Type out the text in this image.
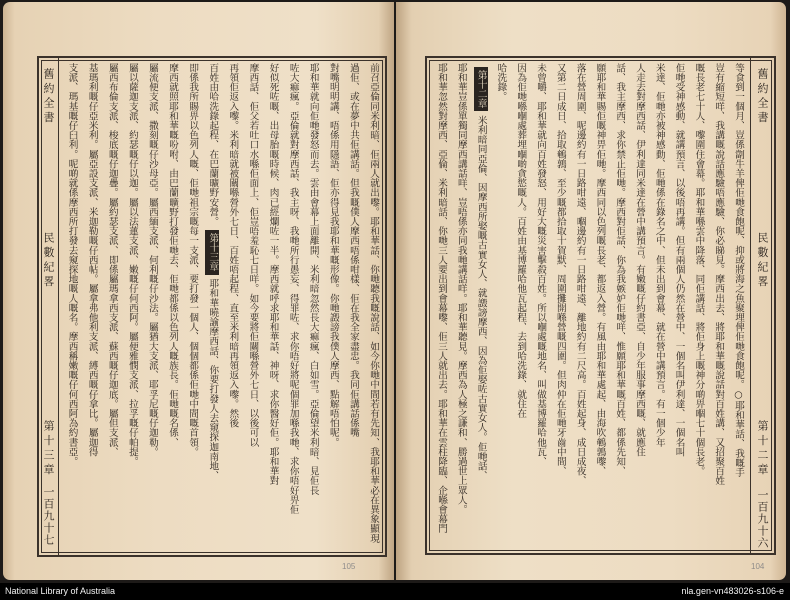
舊約全書
民數紀畧
第十三章
一百九十七	前召亞倫同米利暗、佢兩人就出嚟。耶和華話、你哋聽我嘅說話、如今你哋中間若有先知、我耶和華必在異象顯現
過佢、或在夢中共佢講話。但我嘅僕人摩西唔係咁樣、佢在我全家盡忠。我同佢講話係嘴
對嘴明明講、唔係用隱語、佢亦得見我耶和華嘅形像。你哋譭謗我僕人摩西、點解唔怕呢。
耶和華就向佢哋發怒而去。雲由會幕上面離開、米利暗忽然長大痲瘋、白如雪。亞倫望米利暗、見佢長
咗大痲瘋。亞倫就對摩西話、我主呀、我哋所行愚妄、得罪咗、求你唔好將呢個罪加喺我哋、求你唔好畀佢
好似死咗嘅、出母胎嘅時候、肉已經爛咗一半。摩西就呼求耶和華話、神呀、求你醫好佢。耶和華對
摩西話、佢父若吐口水喺佢面上、佢豈唔羞恥七日咩。如今要將佢關喺營外七日、以後可以
再領佢返入嚟。米利暗就被關喺營外七日、百姓唔起程、直至米利暗再領返入嚟。然後
百姓由哈洗錄起程、在巴蘭曠野安營。第十三章耶和華曉諭摩西話、你要打發人去窺探迦南地、
即係我所賜畀以色列人嘅、佢哋祖宗嘅每一支派、要打發一個人、個個都係佢哋中間嘅首領。
摩西就照耶和華嘅吩咐、由巴蘭曠野打發佢哋去、佢哋都係以色列人嘅族長。佢哋嘅名係、
屬流便支派、撒刻嘅仔沙母亞。屬西緬支派、何利嘅仔沙法。屬猶大支派、耶孚尼嘅仔迦勒。
屬以薩迦支派、約瑟嘅仔以迦。屬以法蓮支派、嫩嘅仔何西阿。屬便雅憫支派、拉孚嘅仔帕提。
屬西布倫支派、梭底嘅仔迦疊。屬約瑟支派、即係屬瑪拿西支派、蘇西嘅仔迦底。屬但支派、
基瑪利嘅仔亞米利。屬亞設支派、米迦勒嘅仔西帖。屬拿弗他利支派、縛西嘅仔拿比。屬迦得
支派、瑪基嘅仔臼利。呢啲就係摩西所打發去窺探地嘅人嘅名。摩西稱嫩嘅仔何西阿為約書亞。
105
舊約全書
民數紀畧
第十二章
一百九十六
等食到一個月、豈係劏牛羊俾佢哋食飽呢、抑或將海之魚聚埋俾佢哋食飽呢。○耶和華話、我嘅手
豈有縮短咩、我講嘅說話應驗唔應驗、你必睇見。摩西出去、將耶和華嘅說話對百姓講、又招聚百姓
嘅長老七十人、嚟圍住會幕。耶和華喺雲中降落、同佢講話、將佢身上嘅神分啲畀嗰七十個長老。
佢哋受神感動、就講預言、以後唔再講。但有兩個人仍然在營中、一個名叫伊利達、一個名叫
米達、佢哋亦被神感動、佢哋係在錄名之中、但未出到會幕、就在營中講預言。有一個少年
人走去對摩西話、伊利達同米達在營中講預言。有嫩嘅仔約書亞、自少年服事摩西嘅、就應住
話、我主摩西、求你禁止佢哋。摩西對佢話、你為我嫉妒佢哋咩、惟願耶和華嘅百姓、都係先知、
願耶和華賜佢嘅神畀佢哋。摩西同以色列嘅長老、都返入營。有風由耶和華處起、由海吹鵪鶉嚟、
落在營周圍、呢邊約有一日路咁遠、嗰邊約有一日路咁遠、離地約有二尺高。百姓起身、成日成夜、
又第二日成日、拾取鵪鶉、至少嘅都拾取十賀默、周圍攤開喺營嘅四圍。但肉仲在佢哋牙齒中間、
未曾嚼、耶和華就向百姓發怒、用好大嘅災害擊殺百姓。所以嗰處嘅地名、叫做基博羅哈他瓦、
因為佢哋喺嗰處葬埋嗰啲貪慾嘅人。百姓由基博羅哈他瓦起程、去到哈洗錄、就住在
哈洗錄。
第十二章米利暗同亞倫、因摩西所娶嘅古實女人、就譭謗摩西、因為佢娶咗古實女人。佢哋話、
耶和華豈係單獨同摩西講話咩、豈唔係亦同我哋講話咩。耶和華聽見。摩西為人極之謙和、勝過世上眾人。
耶和華忽然對摩西、亞倫、米利暗話、你哋三人要出到會幕嚟、佢三人就出去。耶和華在雲柱降臨、企喺會幕門
104
National Library of Australia	nla.gen-vn483026-s106-e
